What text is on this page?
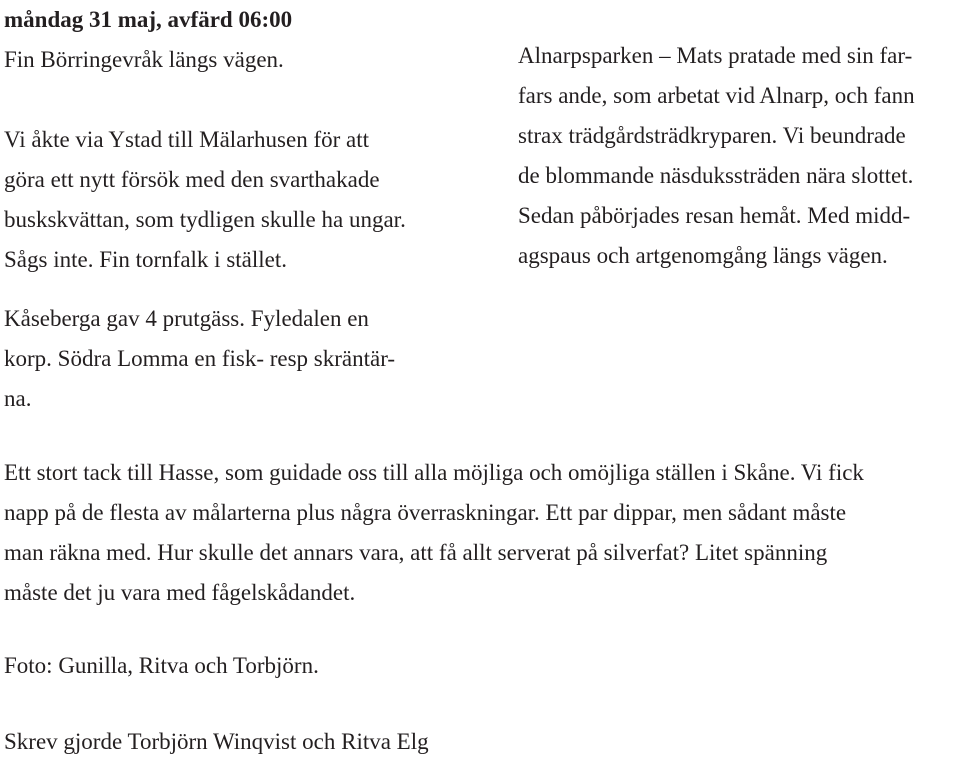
måndag 31 maj, avfärd 06:00
Fin Börringevråk längs vägen.

Vi åkte via Ystad till Mälarhusen för att
göra ett nytt försök med den svarthakade
buskskvättan, som tydligen skulle ha ungar.
Sågs inte. Fin tornfalk i stället.
Alnarpsparken – Mats pratade med sin far-
fars ande, som arbetat vid Alnarp, och fann
strax trädgårdsträdkryparen. Vi beundrade
de blommande näsdukssträden nära slottet.
Sedan påbörjades resan hemåt. Med midd-
agspaus och artgenomgång längs vägen.
Kåseberga gav 4 prutgäss. Fyledalen en
korp. Södra Lomma en fisk- resp skräntär-
na.
Ett stort tack till Hasse, som guidade oss till alla möjliga och omöjliga ställen i Skåne. Vi fick
napp på de flesta av målarterna plus några överraskningar. Ett par dippar, men sådant måste
man räkna med. Hur skulle det annars vara, att få allt serverat på silverfat? Litet spänning
måste det ju vara med fågelskådandet.
Foto: Gunilla, Ritva och Torbjörn.
Skrev gjorde Torbjörn Winqvist och Ritva Elg
